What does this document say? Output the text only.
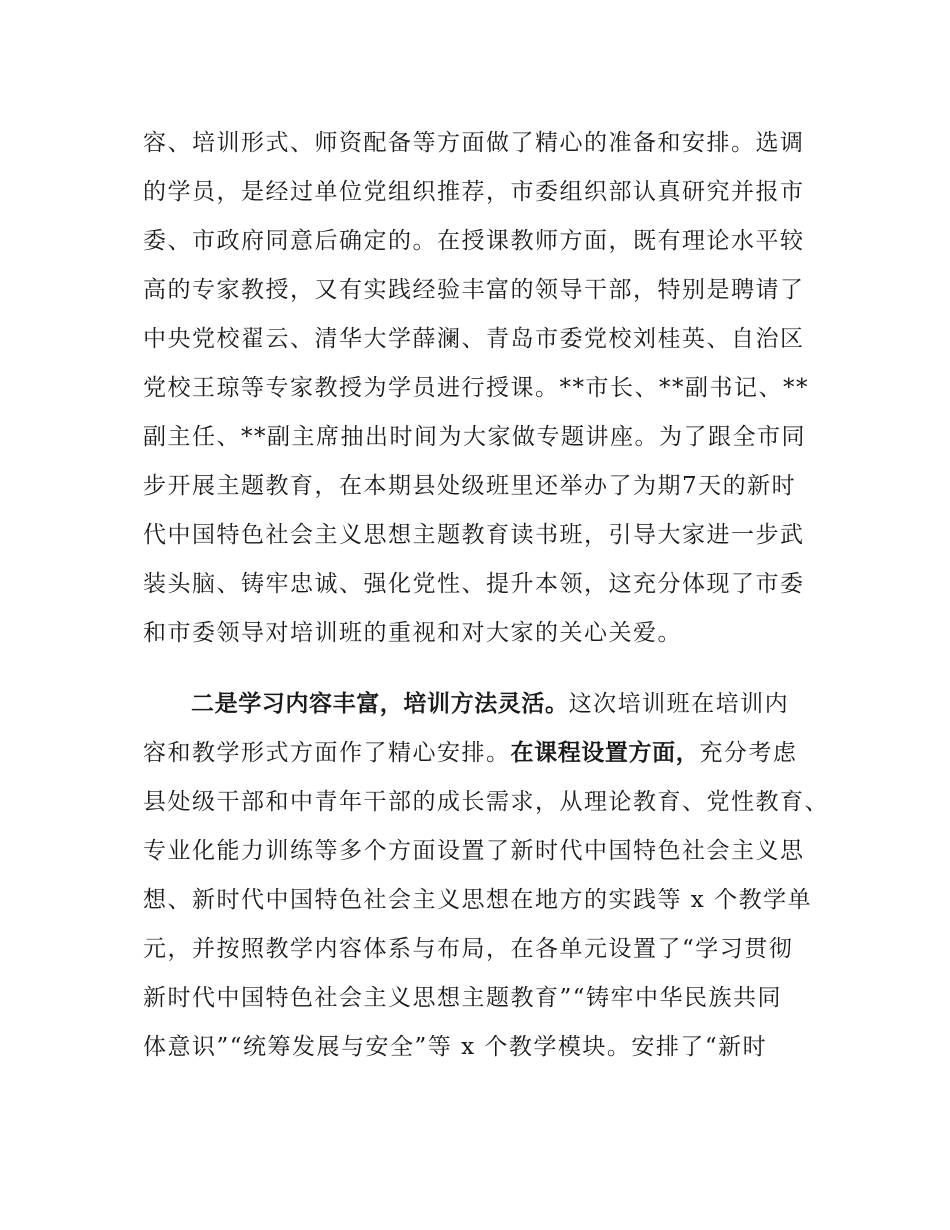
容、培训形式、师资配备等方面做了精心的准备和安排。选调
的学员，是经过单位党组织推荐，市委组织部认真研究并报市
委、市政府同意后确定的。在授课教师方面，既有理论水平较
高的专家教授，又有实践经验丰富的领导干部，特别是聘请了
中央党校翟云、清华大学薛澜、青岛市委党校刘桂英、自治区
党校王琼等专家教授为学员进行授课。**市长、**副书记、**
副主任、**副主席抽出时间为大家做专题讲座。为了跟全市同
步开展主题教育，在本期县处级班里还举办了为期7天的新时
代中国特色社会主义思想主题教育读书班，引导大家进一步武
装头脑、铸牢忠诚、强化党性、提升本领，这充分体现了市委
和市委领导对培训班的重视和对大家的关心关爱。
二是学习内容丰富，培训方法灵活。这次培训班在培训内
容和教学形式方面作了精心安排。在课程设置方面，充分考虑
县处级干部和中青年干部的成长需求，从理论教育、党性教育、
专业化能力训练等多个方面设置了新时代中国特色社会主义思
想、新时代中国特色社会主义思想在地方的实践等 x 个教学单
元，并按照教学内容体系与布局，在各单元设置了“学习贯彻
新时代中国特色社会主义思想主题教育”“铸牢中华民族共同
体意识”“统筹发展与安全”等 x 个教学模块。安排了“新时
